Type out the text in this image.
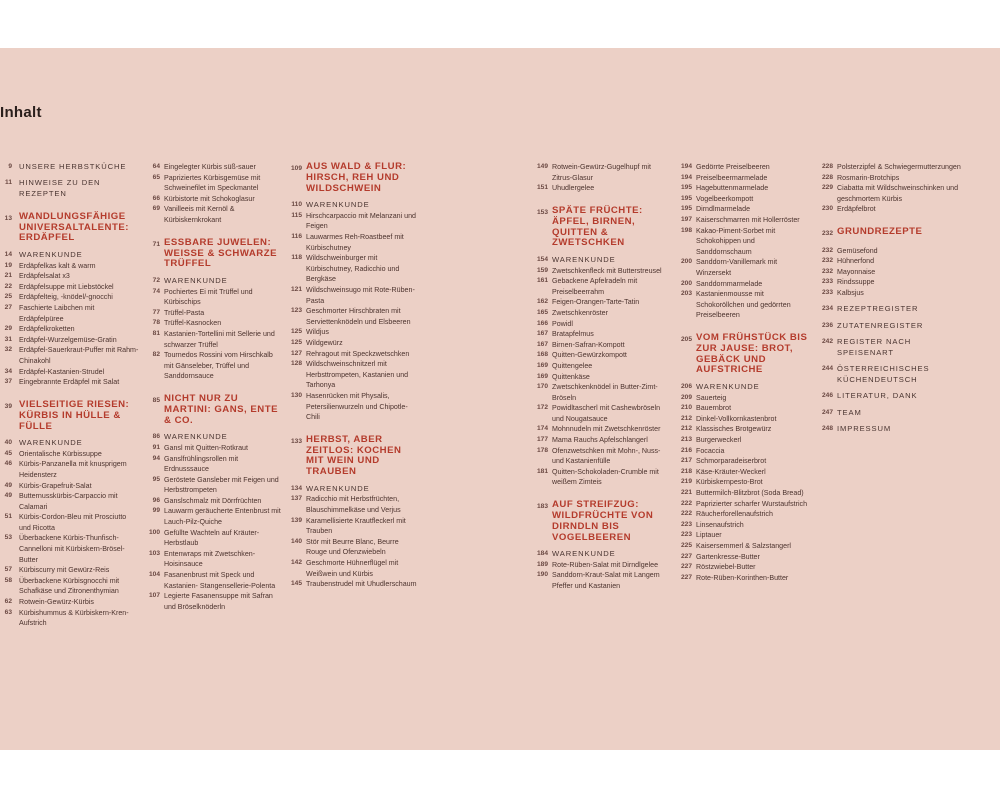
Inhalt
9 UNSERE HERBSTKÜCHE
11 HINWEISE ZU DEN REZEPTEN
13 WANDLUNGSFÄHIGE UNIVERSALTALENTE: ERDÄPFEL
14 WARENKUNDE
19 Erdäpfelkas kalt & warm
21 Erdäpfelsalat x3
22 Erdäpfelsuppe mit Liebstöckel
25 Erdäpfelteig, -knödel/-gnocchi
27 Faschierte Laibchen mit Erdäpfelpüree
29 Erdäpfelkroketten
31 Erdäpfel-Wurzelgemüse-Gratin
32 Erdäpfel-Sauerkraut-Puffer mit Rahm-Chinakohl
34 Erdäpfel-Kastanien-Strudel
37 Eingebrannte Erdäpfel mit Salat
39 VIELSEITIGE RIESEN: KÜRBIS IN HÜLLE & FÜLLE
40 WARENKUNDE
45 Orientalische Kürbissuppe
46 Kürbis-Panzanella mit knusprigem Heidensterz
49 Kürbis-Grapefruit-Salat
49 Butternusskürbis-Carpaccio mit Calamari
51 Kürbis-Cordon-Bleu mit Prosciutto und Ricotta
53 Überbackene Kürbis-Thunfisch-Cannelloni mit Kürbiskern-Brösel-Butter
57 Kürbiscurry mit Gewürz-Reis
58 Überbackene Kürbisgnocchi mit Schafkäse und Zitronenthymian
62 Rotwein-Gewürz-Kürbis
63 Kürbishummus & Kürbiskern-Kren-Aufstrich
64 Eingelegter Kürbis süß-sauer
65 Papriziertes Kürbisgemüse mit Schweinefilet im Speckmantel
66 Kürbistorte mit Schokoglasur
69 Vanilleeis mit Kernöl & Kürbiskernkrokant
71 ESSBARE JUWELEN: WEISSE & SCHWARZE TRÜFFEL
72 WARENKUNDE
74 Pochiertes Ei mit Trüffel und Kürbischips
77 Trüffel-Pasta
78 Trüffel-Kasnocken
81 Kastanien-Tortellini mit Sellerie und schwarzer Trüffel
82 Tournedos Rossini vom Hirschkalb mit Gänseleber, Trüffel und Sanddornsauce
85 NICHT NUR ZU MARTINI: GANS, ENTE & CO.
86 WARENKUNDE
91 Gansl mit Quitten-Rotkraut
94 Ganslfrühlingsrollen mit Erdnusssauce
95 Geröstete Gansleber mit Feigen und Herbsttrompeten
96 Ganslschmalz mit Dörrfrüchten
99 Lauwarm geräucherte Entenbrust mit Lauch-Pilz-Quiche
100 Gefüllte Wachteln auf Kräuter-Herbstlaub
103 Entenwraps mit Zwetschken-Hoisinsauce
104 Fasanenbrust mit Speck und Kastanien- Stangensellerie-Polenta
107 Legierte Fasanensuppe mit Safran und Bröselknöderln
109 AUS WALD & FLUR: HIRSCH, REH UND WILDSCHWEIN
110 WARENKUNDE
115 Hirschcarpaccio mit Melanzani und Feigen
116 Lauwarmes Reh-Roastbeef mit Kürbischutney
118 Wildschweinburger mit Kürbischutney, Radicchio und Bergkäse
121 Wildschweinsugo mit Rote-Rüben-Pasta
123 Geschmorter Hirschbraten mit Serviettenknödeln und Elsbeeren
125 Wildjus
125 Wildgewürz
127 Rehragout mit Speckzwetschken
128 Wildschweinschnitzerl mit Herbsttrompeten, Kastanien und Tarhonya
130 Hasenrücken mit Physalis, Petersilienwurzeln und Chipotle-Chili
133 HERBST, ABER ZEITLOS: KOCHEN MIT WEIN UND TRAUBEN
134 WARENKUNDE
137 Radicchio mit Herbstfrüchten, Blauschimmelkäse und Verjus
139 Karamellisierte Krautfleckerl mit Trauben
140 Stör mit Beurre Blanc, Beurre Rouge und Ofenzwiebeln
142 Geschmorte Hühnerflügel mit Weißwein und Kürbis
145 Traubenstrudel mit Uhudlerschaum
149 Rotwein-Gewürz-Gugelhupf mit Zitrus-Glasur
151 Uhudlergelee
153 SPÄTE FRÜCHTE: ÄPFEL, BIRNEN, QUITTEN & ZWETSCHKEN
154 WARENKUNDE
159 Zwetschkenfleck mit Butterstreusel
161 Gebackene Apfelradeln mit Preiselbeerrahm
162 Feigen-Orangen-Tarte-Tatin
165 Zwetschkenröster
166 Powidl
167 Bratapfelmus
167 Birnen-Safran-Kompott
168 Quitten-Gewürzkompott
169 Quittengelee
169 Quittenkäse
170 Zwetschkenknödel in Butter-Zimt-Bröseln
172 Powidltascherl mit Cashewbröseln und Nougatsauce
174 Mohnnudeln mit Zwetschkenröster
177 Mama Rauchs Apfelschlangerl
178 Ofenzwetschken mit Mohn-, Nuss- und Kastanienfülle
181 Quitten-Schokoladen-Crumble mit weißem Zimteis
183 AUF STREIFZUG: WILDFRÜCHTE VON DIRNDLN BIS VOGELBEEREN
184 WARENKUNDE
189 Rote-Rüben-Salat mit Dirndlgelee
190 Sanddorn-Kraut-Salat mit Langem Pfeffer und Kastanien
194 Gedörrte Preiselbeeren
194 Preiselbeermarmelade
195 Hagebuttenmarmelade
195 Vogelbeerkompott
195 Dirndlmarmelade
197 Kaiserschmarren mit Hollerröster
198 Kakao-Piment-Sorbet mit Schokohippen und Sanddornschaum
200 Sanddorn-Vanillemark mit Winzersekt
200 Sanddornmarmelade
203 Kastanienmousse mit Schokoröllchen und gedörrten Preiselbeeren
205 VOM FRÜHSTÜCK BIS ZUR JAUSE: BROT, GEBÄCK UND AUFSTRICHE
206 WARENKUNDE
209 Sauerteig
210 Bauernbrot
212 Dinkel-Vollkornkastenbrot
212 Klassisches Brotgewürz
213 Burgerweckerl
216 Focaccia
217 Schmorparadeiserbrot
218 Käse-Kräuter-Weckerl
219 Kürbiskernpesto-Brot
221 Buttermilch-Blitzbrot (Soda Bread)
222 Paprizierter scharfer Wurstaufstrich
222 Räucherforellenaufstrich
223 Linsenaufstrich
223 Liptauer
225 Kaisersemmerl & Salzstangerl
227 Gartenkresse-Butter
227 Röstzwiebel-Butter
227 Rote-Rüben-Korinthen-Butter
228 Polsterzipfel & Schwiegermutterzungen
228 Rosmarin-Brotchips
229 Ciabatta mit Wildschweinschinken und geschmortem Kürbis
230 Erdäpfelbrot
232 GRUNDREZEPTE
232 Gemüsefond
232 Hühnerfond
232 Mayonnaise
233 Rindssuppe
233 Kalbsjus
234 REZEPTREGISTER
236 ZUTATENREGISTER
242 REGISTER NACH SPEISENART
244 ÖSTERREICHISCHES KÜCHENDEUTSCH
246 LITERATUR, DANK
247 TEAM
248 IMPRESSUM
